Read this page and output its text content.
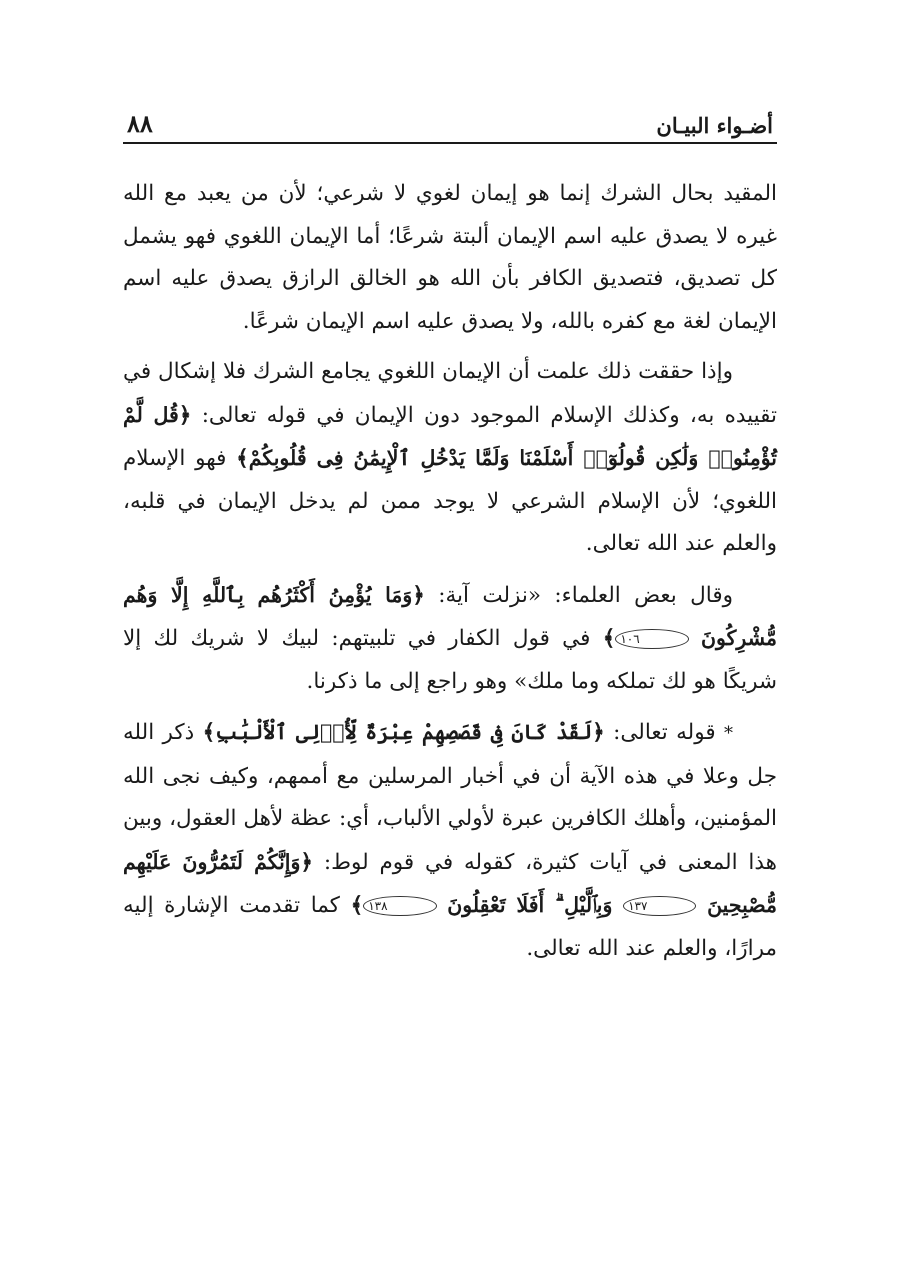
أضـواء البيـان
٨٨

المقيد بحال الشرك إنما هو إيمان لغوي لا شرعي؛ لأن من يعبد مع الله غيره لا يصدق عليه اسم الإيمان ألبتة شرعًا؛ أما الإيمان اللغوي فهو يشمل كل تصديق، فتصديق الكافر بأن الله هو الخالق الرازق يصدق عليه اسم الإيمان لغة مع كفره بالله، ولا يصدق عليه اسم الإيمان شرعًا.

وإذا حققت ذلك علمت أن الإيمان اللغوي يجامع الشرك فلا إشكال في تقييده به، وكذلك الإسلام الموجود دون الإيمان في قوله تعالى: ﴿قُل لَّمْ تُؤْمِنُوا۟ وَلَٰكِن قُولُوٓا۟ أَسْلَمْنَا وَلَمَّا يَدْخُلِ ٱلْإِيمَٰنُ فِى قُلُوبِكُمْ﴾ فهو الإسلام اللغوي؛ لأن الإسلام الشرعي لا يوجد ممن لم يدخل الإيمان في قلبه، والعلم عند الله تعالى.

وقال بعض العلماء: «نزلت آية: ﴿وَمَا يُؤْمِنُ أَكْثَرُهُم بِٱللَّهِ إِلَّا وَهُم مُّشْرِكُونَ ١٠٦﴾ في قول الكفار في تلبيتهم: لبيك لا شريك لك إلا شريكًا هو لك تملكه وما ملك» وهو راجع إلى ما ذكرنا.

* قوله تعالى: ﴿لَقَدْ كَانَ فِى قَصَصِهِمْ عِبْرَةٌ لِّأُو۟لِى ٱلْأَلْبَٰبِ﴾ ذكر الله جل وعلا في هذه الآية أن في أخبار المرسلين مع أممهم، وكيف نجى الله المؤمنين، وأهلك الكافرين عبرة لأولي الألباب، أي: عظة لأهل العقول، وبين هذا المعنى في آيات كثيرة، كقوله في قوم لوط: ﴿وَإِنَّكُمْ لَتَمُرُّونَ عَلَيْهِم مُّصْبِحِينَ ١٣٧ وَبِٱلَّيْلِ ۗ أَفَلَا تَعْقِلُونَ ١٣٨﴾ كما تقدمت الإشارة إليه مرارًا، والعلم عند الله تعالى.
